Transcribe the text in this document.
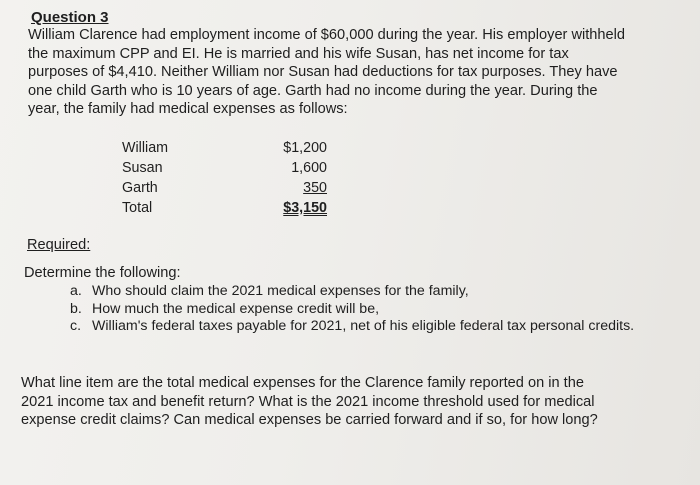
Question 3
William Clarence had employment income of $60,000 during the year. His employer withheld
the maximum CPP and EI. He is married and his wife Susan, has net income for tax
purposes of $4,410. Neither William nor Susan had deductions for tax purposes. They have
one child Garth who is 10 years of age. Garth had no income during the year. During the
year, the family had medical expenses as follows:
William	$1,200
Susan	1,600
Garth	350
Total	$3,150
Required:
Determine the following:
a. Who should claim the 2021 medical expenses for the family,
b. How much the medical expense credit will be,
c. William's federal taxes payable for 2021, net of his eligible federal tax personal credits.
What line item are the total medical expenses for the Clarence family reported on in the
2021 income tax and benefit return? What is the 2021 income threshold used for medical
expense credit claims? Can medical expenses be carried forward and if so, for how long?
